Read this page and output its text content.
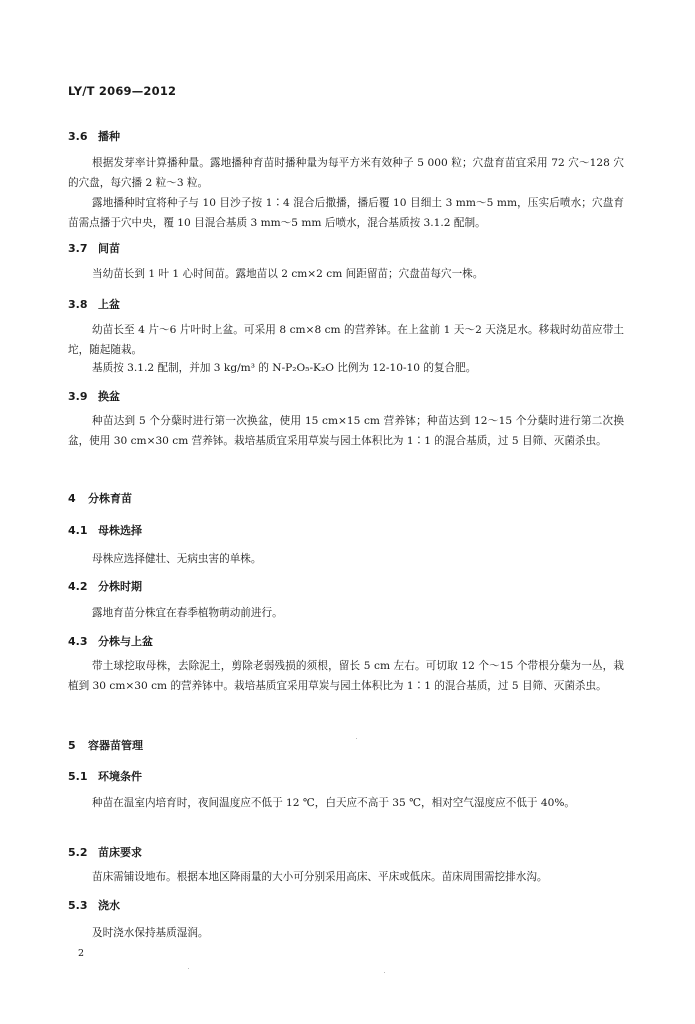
LY/T 2069—2012
3.6 播种
根据发芽率计算播种量。露地播种育苗时播种量为每平方米有效种子 5 000 粒；穴盘育苗宜采用 72 穴～128 穴的穴盘，每穴播 2 粒～3 粒。
露地播种时宜将种子与 10 目沙子按 1∶4 混合后撒播，播后覆 10 目细土 3 mm～5 mm，压实后喷水；穴盘育苗需点播于穴中央，覆 10 目混合基质 3 mm～5 mm 后喷水，混合基质按 3.1.2 配制。
3.7 间苗
当幼苗长到 1 叶 1 心时间苗。露地苗以 2 cm×2 cm 间距留苗；穴盘苗每穴一株。
3.8 上盆
幼苗长至 4 片～6 片叶时上盆。可采用 8 cm×8 cm 的营养钵。在上盆前 1 天～2 天浇足水。移栽时幼苗应带土坨，随起随栽。
基质按 3.1.2 配制，并加 3 kg/m³ 的 N-P₂O₅-K₂O 比例为 12-10-10 的复合肥。
3.9 换盆
种苗达到 5 个分蘖时进行第一次换盆，使用 15 cm×15 cm 营养钵；种苗达到 12～15 个分蘖时进行第二次换盆，使用 30 cm×30 cm 营养钵。栽培基质宜采用草炭与园土体积比为 1∶1 的混合基质，过 5 目筛、灭菌杀虫。
4 分株育苗
4.1 母株选择
母株应选择健壮、无病虫害的单株。
4.2 分株时期
露地育苗分株宜在春季植物萌动前进行。
4.3 分株与上盆
带土球挖取母株，去除泥土，剪除老弱残损的须根，留长 5 cm 左右。可切取 12 个～15 个带根分蘖为一丛，栽植到 30 cm×30 cm 的营养钵中。栽培基质宜采用草炭与园土体积比为 1∶1 的混合基质，过 5 目筛、灭菌杀虫。
5 容器苗管理
5.1 环境条件
种苗在温室内培育时，夜间温度应不低于 12 ℃，白天应不高于 35 ℃，相对空气湿度应不低于 40%。
5.2 苗床要求
苗床需铺设地布。根据本地区降雨量的大小可分别采用高床、平床或低床。苗床周围需挖排水沟。
5.3 浇水
及时浇水保持基质湿润。
2
